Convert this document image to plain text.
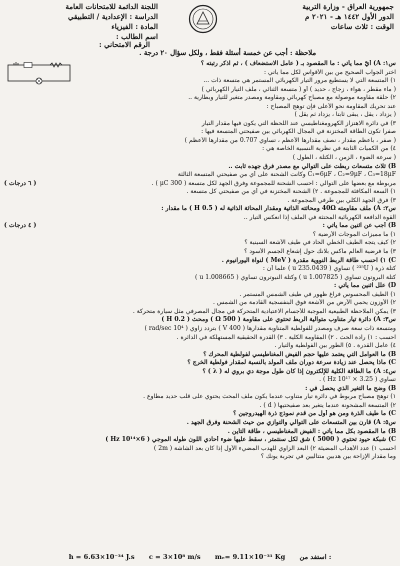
جمهورية العراق - وزارة التربية
الدور الأول ١٤٤٢ هـ - ٢٠٢١ م
الوقت : ثلاث ساعات
اللجنة الدائمة للامتحانات العامة
الدراسة : الإعدادية / التطبيقي
المادة : الفيزياء
اسم الطالب :
الرقم الامتحاني :
ملاحظة : أجب عن خمسة أسئلة فقط ، ولكل سؤال ٢٠ درجة .

س١: A) أيّ مما يأتي : ما المقصود بـ ( عامل الاستضعاف ) ، ثم اذكر رتبته ؟

اختر الجواب الصحيح من بين الأقواس لكل مما يأتي :

١) المتسعة التي لا يستطيع مرور التيار الكهربائي المستمر هي متسعة ذات ...

( ماء مقطر ، هواء ، زجاج ، حديد ) أو ( متسعة الثنائي ، ملف التيار الكهربائي )

٢) حلقة مقاومة موصولة مع مصباح كهربائي ومقاومة ومصدر متغير للتيار وبطارية ..

عند تحريك المقاومة نحو الأعلى فإن توهج المصباح :

( يزداد ، يقل ، يبقى ثابتاً ، يزداد ثم يقل )

٣) في دائرة الاهتزاز الكهرومغناطيسي عند اللحظة التي يكون فيها مقدار التيار

صفراً تكون الطاقة المختزنة في المجال الكهربائي بين صفيحتي المتسعة فيها :

( صفر ، بأعظم مقدار ، نصف مقدارها الأعظم ، تساوي 0.707 من مقدارها الأعظم )

٤) من الكميات الثابتة في نظرية النسبية الخاصة هي :

( سرعة الضوء ، الزمن ، الكتلة ، الطول )

B) ثلاث متسعات ربطت على التوالي مع مصدر فرق جهده ثابت ..

C₁=6μF ، C₂=9μF ، C₃=18μF وكانت الشحنة على أي من صفيحتي المتسعة الثالثة

( ٦ درجات )	مربوطة مع بعضها على التوالي : احسب الشحنة للمجموعة وفرق الجهد لكل متسعة ( 300 μC ) .

١) السعة المكافئة للمجموعة . ٢) الشحنة المختزنة في أي من صفيحتي كل متسعة .

٣) فرق الجهد الكلي بين طرفي المجموعة .

س٢: A) ملف مقاومته 40Ω ومحاثته الذاتية ومقدار المحاثة الذاتية له ( 0.5 H ) ما مقدار :

القوة الدافعة الكهربائية المحتثة في الملف إذا انعكس التيار ..

( ٤ درجات )	B) أجب عن اثنين مما يأتي :

١) ما مميزات الموجات الأرضية ؟

٢) كيف يتجه الطيف الخطي الحاد في طيف الأشعة السينية ؟

٣) ما فرضية العالم ماكس بلانك حول إشعاع الجسم الأسود ؟

C) ١) احسب طاقة الربط النووية مقدرة ( MeV ) لنواة اليورانيوم .

كتلة ذرة ( ²³⁵U ) تساوي ( 235.0439 u ) علماً أن :

كتلة البروتون تساوي ( 1.007825 u ) وكتلة النيوترون تساوي ( 1.008665 u )

D) علل اثنين مما يأتي :

١) الطيف المحسوس فراغ ظهور في طيف الشمس المستمر .

٢) الأوزون يحمي الأرض من الأشعة فوق البنفسجية القادمة من الشمس .

٣) يمكن الملاحظة الطبيعية الموجبة للأجسام الاعتيادية المتحركة في مجال المصرفي مثل سيارة متحركة .

س٣: A) دائرة تيار متناوب متوالية الربط تحتوي على مقاومة ( 500 Ω ) ومحث ( 0.2 H )

ومتسعة ذات سعة صرف ومصدر للفولطية المتناوبة مقدارها ( 400 V ) بتردد زاوي ( 10⁴ rad/sec )

احسب : ١) رادة الحث . ٢) المقاومة الكلية . ٣) القدرة الحقيقية المستهلكة في الدائرة .

٤) عامل القدرة . ٥) الطور بين الفولطية والتيار .

B) ما العوامل التي يعتمد عليها حجم الفيض المغناطيسي لفولطية المحرك ؟

C) ماذا يحصل عند زيادة سرعة دوران ملف المولد بالنسبة لمقدار فولطية الخرج ؟

س٤: A) ما الطاقة الكلية للإلكترون إذا كان طول موجة دي بروي له ( λ ) ؟

تساوي ( 3.25 × 10¹⁷ Hz ) .

B) وضح ما التغير الذي يحصل في :

١) توهج مصباح مربوط في دائرة تيار متناوب عندما يكون ملف المحث يحتوي على قلب حديد مطاوع .

٢) المتسعة المشحونة عندما يتغير بعد صفيحتيها ( d ) .

C) ما طيف الذرة ومن هو أول من قدم نموذج ذرة الهيدروجين ؟

س٥: A) قارن بين المتسعات على التوالي والتوازي من حيث الشحنة وفرق الجهد .

B) ما المقصود بكل مما يأتي : الفيض المغناطيسي ، طاقة التأين .

C) شبكة حيود تحتوي ( 5000 ) شق لكل سنتمتر ، سقط عليها ضوء أحادي اللون طوله الموجي ( 6×10¹⁴ Hz )

احسب ١) عدد الأهداب المضيئة ٢) البعد الزاوي للهدب المضيء الأول إذا كان بعد الشاشة ( 2m )

وما مقدار الإزاحة بين هدبين متتاليين في تجربة يونك ؟

h = 6.63×10⁻³⁴ J.s c = 3×10⁸ m/s mₑ= 9.11×10⁻³¹ Kg استفد من :
